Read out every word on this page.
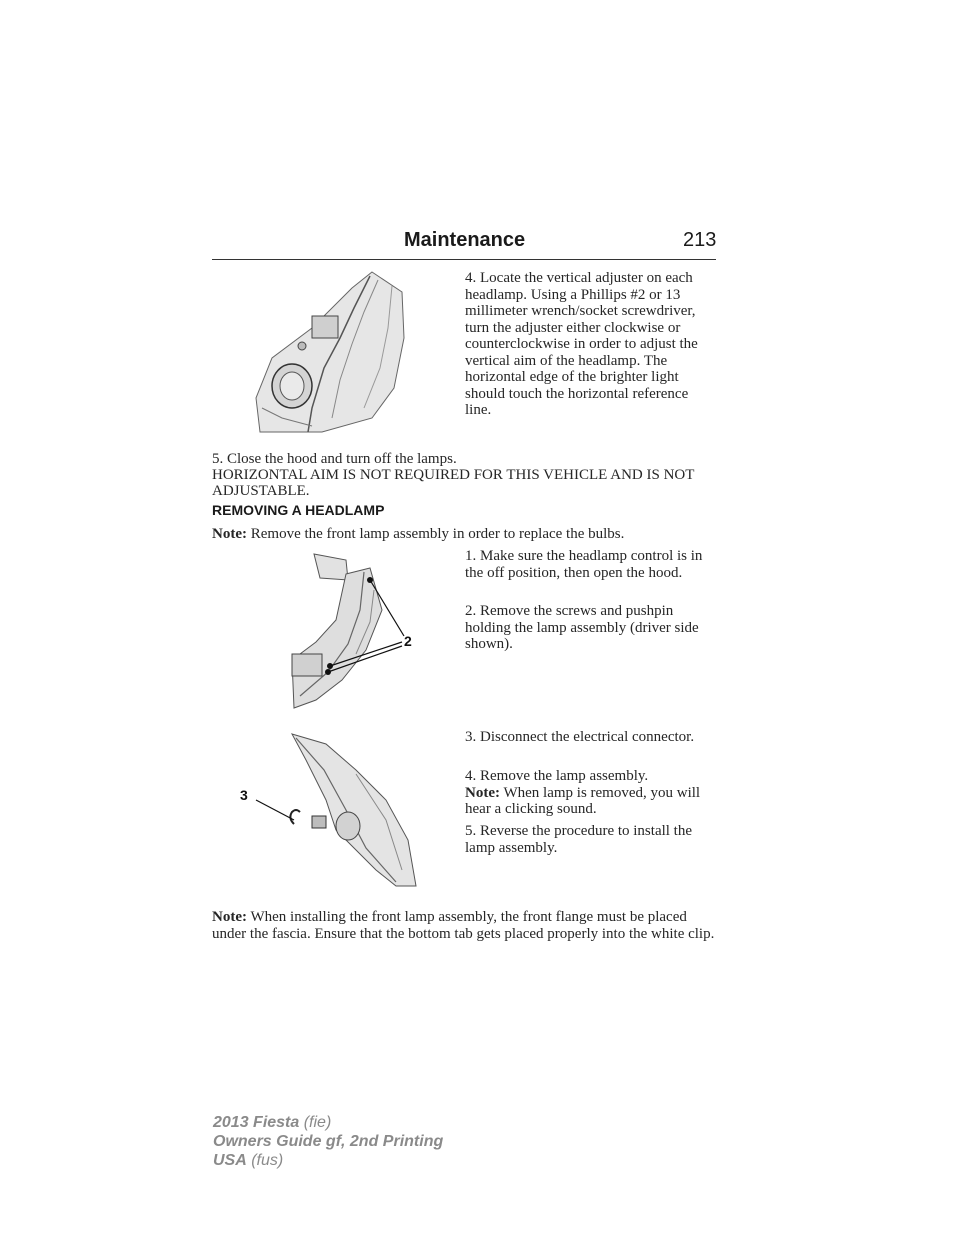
Maintenance	213
4. Locate the vertical adjuster on each headlamp. Using a Phillips #2 or 13 millimeter wrench/socket screwdriver, turn the adjuster either clockwise or counterclockwise in order to adjust the vertical aim of the headlamp. The horizontal edge of the brighter light should touch the horizontal reference line.
5. Close the hood and turn off the lamps.
HORIZONTAL AIM IS NOT REQUIRED FOR THIS VEHICLE AND IS NOT ADJUSTABLE.
REMOVING A HEADLAMP
Note: Remove the front lamp assembly in order to replace the bulbs.
2
1. Make sure the headlamp control is in the off position, then open the hood.
2. Remove the screws and pushpin holding the lamp assembly (driver side shown).
3
3. Disconnect the electrical connector.
4. Remove the lamp assembly.
Note: When lamp is removed, you will hear a clicking sound.
5. Reverse the procedure to install the lamp assembly.
Note: When installing the front lamp assembly, the front flange must be placed under the fascia. Ensure that the bottom tab gets placed properly into the white clip.
2013 Fiesta (fie)
Owners Guide gf, 2nd Printing
USA (fus)
